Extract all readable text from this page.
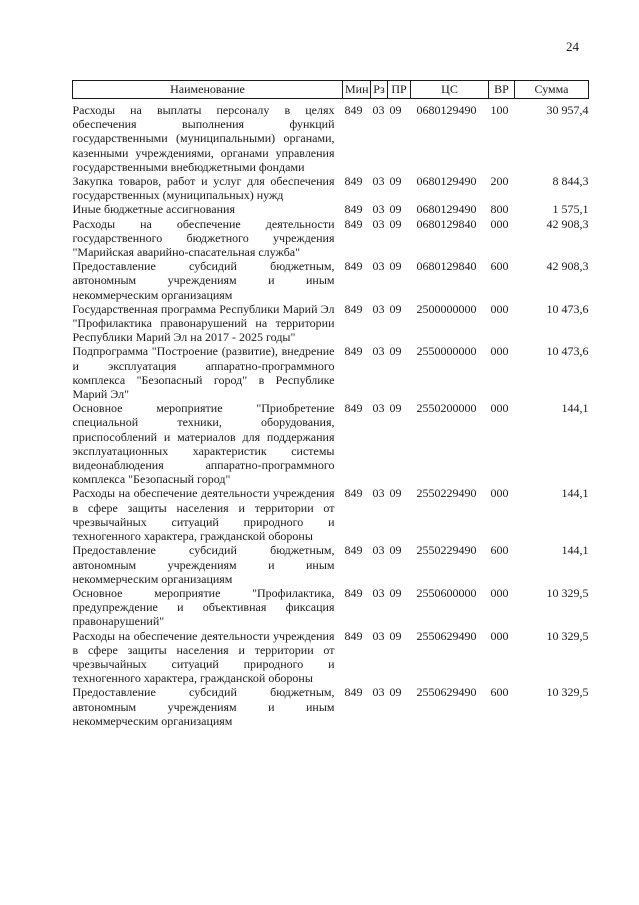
24
Наименование	Мин	Рз	ПР	ЦС	ВР	Сумма
Расходы на выплаты персоналу в целях обеспечения выполнения функций государственными (муниципальными) органами, казенными учреждениями, органами управления государственными внебюджетными фондами	849	03	09	0680129490	100	30 957,4
Закупка товаров, работ и услуг для обеспечения государственных (муниципальных) нужд	849	03	09	0680129490	200	8 844,3
Иные бюджетные ассигнования	849	03	09	0680129490	800	1 575,1
Расходы на обеспечение деятельности государственного бюджетного учреждения "Марийская аварийно-спасательная служба"	849	03	09	0680129840	000	42 908,3
Предоставление субсидий бюджетным, автономным учреждениям и иным некоммерческим организациям	849	03	09	0680129840	600	42 908,3
Государственная программа Республики Марий Эл "Профилактика правонарушений на территории Республики Марий Эл на 2017 - 2025 годы"	849	03	09	2500000000	000	10 473,6
Подпрограмма "Построение (развитие), внедрение и эксплуатация аппаратно-программного комплекса "Безопасный город" в Республике Марий Эл"	849	03	09	2550000000	000	10 473,6
Основное мероприятие "Приобретение специальной техники, оборудования, приспособлений и материалов для поддержания эксплуатационных характеристик системы видеонаблюдения аппаратно-программного комплекса "Безопасный город"	849	03	09	2550200000	000	144,1
Расходы на обеспечение деятельности учреждения в сфере защиты населения и территории от чрезвычайных ситуаций природного и техногенного характера, гражданской обороны	849	03	09	2550229490	000	144,1
Предоставление субсидий бюджетным, автономным учреждениям и иным некоммерческим организациям	849	03	09	2550229490	600	144,1
Основное мероприятие "Профилактика, предупреждение и объективная фиксация правонарушений"	849	03	09	2550600000	000	10 329,5
Расходы на обеспечение деятельности учреждения в сфере защиты населения и территории от чрезвычайных ситуаций природного и техногенного характера, гражданской обороны	849	03	09	2550629490	000	10 329,5
Предоставление субсидий бюджетным, автономным учреждениям и иным некоммерческим организациям	849	03	09	2550629490	600	10 329,5
